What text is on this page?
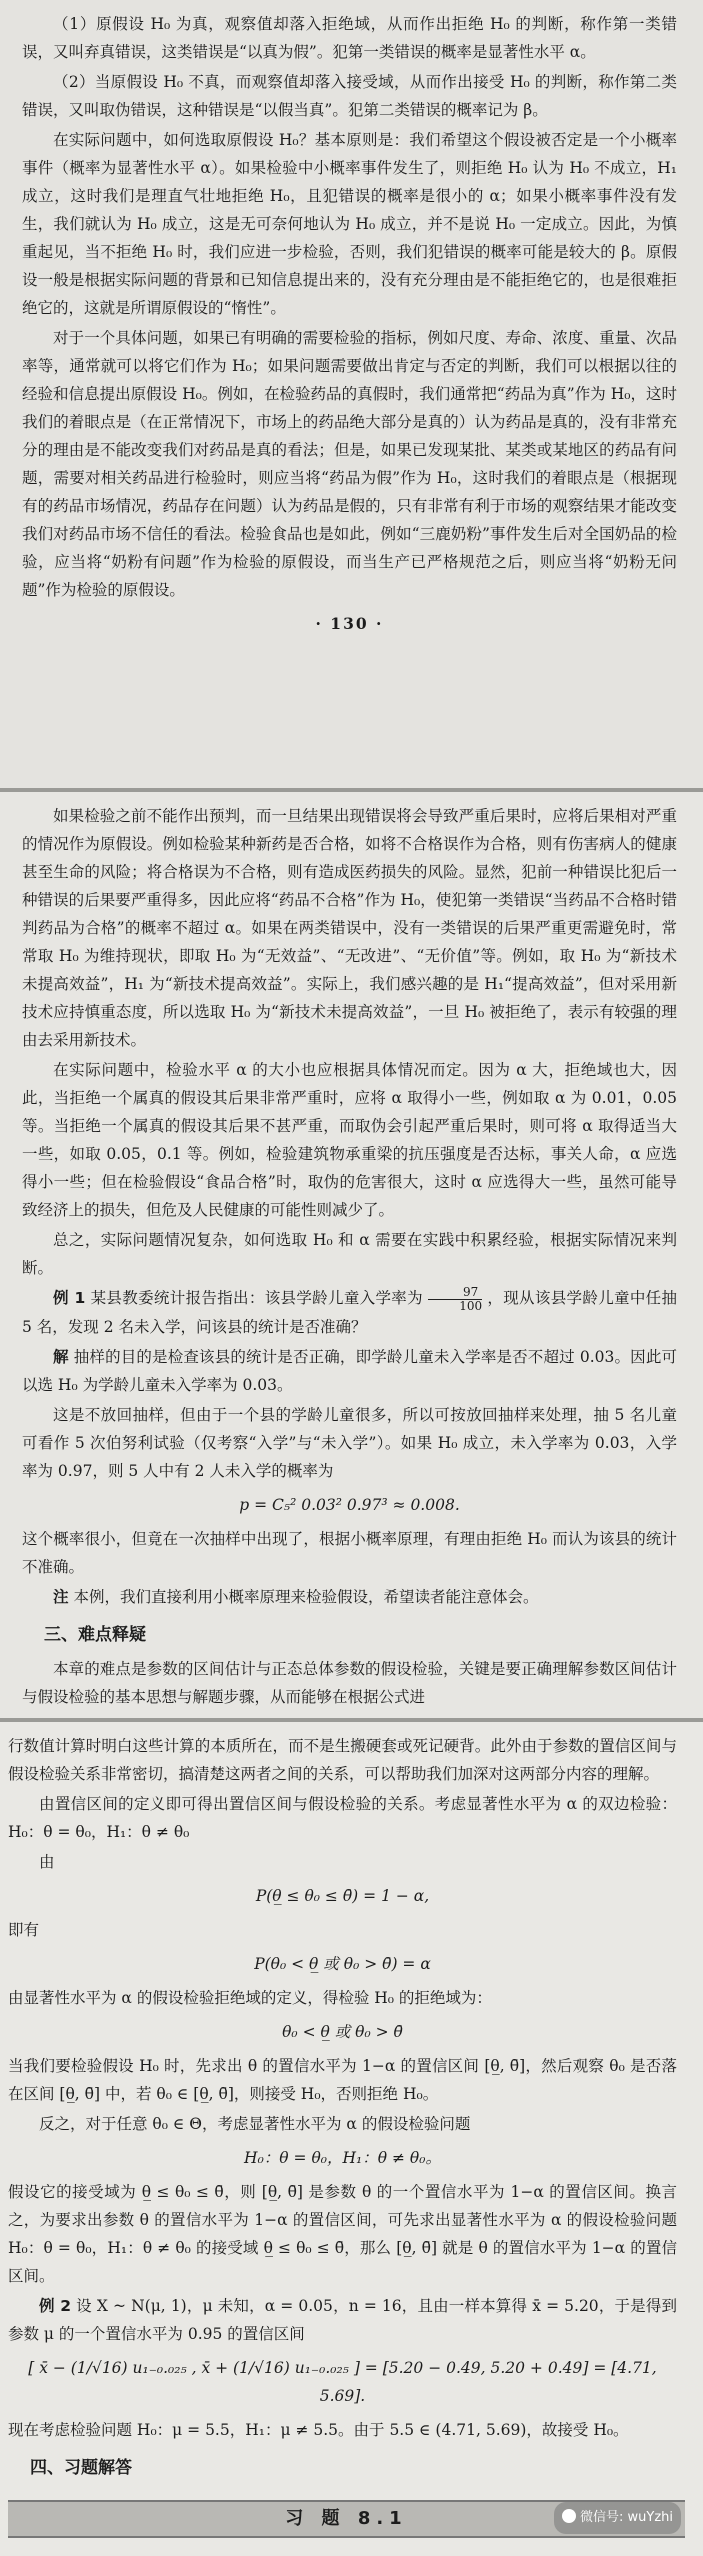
（1）原假设 H₀ 为真，观察值却落入拒绝域，从而作出拒绝 H₀ 的判断，称作第一类错误，又叫弃真错误，这类错误是“以真为假”。犯第一类错误的概率是显著性水平 α。

（2）当原假设 H₀ 不真，而观察值却落入接受域，从而作出接受 H₀ 的判断，称作第二类错误，又叫取伪错误，这种错误是“以假当真”。犯第二类错误的概率记为 β。

在实际问题中，如何选取原假设 H₀？基本原则是：我们希望这个假设被否定是一个小概率事件（概率为显著性水平 α）。如果检验中小概率事件发生了，则拒绝 H₀ 认为 H₀ 不成立，H₁ 成立，这时我们是理直气壮地拒绝 H₀，且犯错误的概率是很小的 α；如果小概率事件没有发生，我们就认为 H₀ 成立，这是无可奈何地认为 H₀ 成立，并不是说 H₀ 一定成立。因此，为慎重起见，当不拒绝 H₀ 时，我们应进一步检验，否则，我们犯错误的概率可能是较大的 β。原假设一般是根据实际问题的背景和已知信息提出来的，没有充分理由是不能拒绝它的，也是很难拒绝它的，这就是所谓原假设的“惰性”。

对于一个具体问题，如果已有明确的需要检验的指标，例如尺度、寿命、浓度、重量、次品率等，通常就可以将它们作为 H₀；如果问题需要做出肯定与否定的判断，我们可以根据以往的经验和信息提出原假设 H₀。例如，在检验药品的真假时，我们通常把“药品为真”作为 H₀，这时我们的着眼点是（在正常情况下，市场上的药品绝大部分是真的）认为药品是真的，没有非常充分的理由是不能改变我们对药品是真的看法；但是，如果已发现某批、某类或某地区的药品有问题，需要对相关药品进行检验时，则应当将“药品为假”作为 H₀，这时我们的着眼点是（根据现有的药品市场情况，药品存在问题）认为药品是假的，只有非常有利于市场的观察结果才能改变我们对药品市场不信任的看法。检验食品也是如此，例如“三鹿奶粉”事件发生后对全国奶品的检验，应当将“奶粉有问题”作为检验的原假设，而当生产已严格规范之后，则应当将“奶粉无问题”作为检验的原假设。

· 130 ·

如果检验之前不能作出预判，而一旦结果出现错误将会导致严重后果时，应将后果相对严重的情况作为原假设。例如检验某种新药是否合格，如将不合格误作为合格，则有伤害病人的健康甚至生命的风险；将合格误为不合格，则有造成医药损失的风险。显然，犯前一种错误比犯后一种错误的后果要严重得多，因此应将“药品不合格”作为 H₀，使犯第一类错误“当药品不合格时错判药品为合格”的概率不超过 α。如果在两类错误中，没有一类错误的后果严重更需避免时，常常取 H₀ 为维持现状，即取 H₀ 为“无效益”、“无改进”、“无价值”等。例如，取 H₀ 为“新技术未提高效益”，H₁ 为“新技术提高效益”。实际上，我们感兴趣的是 H₁“提高效益”，但对采用新技术应持慎重态度，所以选取 H₀ 为“新技术未提高效益”，一旦 H₀ 被拒绝了，表示有较强的理由去采用新技术。

在实际问题中，检验水平 α 的大小也应根据具体情况而定。因为 α 大，拒绝域也大，因此，当拒绝一个属真的假设其后果非常严重时，应将 α 取得小一些，例如取 α 为 0.01，0.05 等。当拒绝一个属真的假设其后果不甚严重，而取伪会引起严重后果时，则可将 α 取得适当大一些，如取 0.05，0.1 等。例如，检验建筑物承重梁的抗压强度是否达标，事关人命，α 应选得小一些；但在检验假设“食品合格”时，取伪的危害很大，这时 α 应选得大一些，虽然可能导致经济上的损失，但危及人民健康的可能性则减少了。

总之，实际问题情况复杂，如何选取 H₀ 和 α 需要在实践中积累经验，根据实际情况来判断。

例 1 某县教委统计报告指出：该县学龄儿童入学率为 $\frac{97}{100}$ ，现从该县学龄儿童中任抽 5 名，发现 2 名未入学，问该县的统计是否准确？

解 抽样的目的是检查该县的统计是否正确，即学龄儿童未入学率是否不超过 0.03。因此可以选 H₀ 为学龄儿童未入学率为 0.03。

这是不放回抽样，但由于一个县的学龄儿童很多，所以可按放回抽样来处理，抽 5 名儿童可看作 5 次伯努利试验（仅考察“入学”与“未入学”）。如果 H₀ 成立，未入学率为 0.03，入学率为 0.97，则 5 人中有 2 人未入学的概率为

p = C₅² 0.03² 0.97³ ≈ 0.008.

这个概率很小，但竟在一次抽样中出现了，根据小概率原理，有理由拒绝 H₀ 而认为该县的统计不准确。

注 本例，我们直接利用小概率原理来检验假设，希望读者能注意体会。

三、难点释疑

本章的难点是参数的区间估计与正态总体参数的假设检验，关键是要正确理解参数区间估计与假设检验的基本思想与解题步骤，从而能够在根据公式进

行数值计算时明白这些计算的本质所在，而不是生搬硬套或死记硬背。此外由于参数的置信区间与假设检验关系非常密切，搞清楚这两者之间的关系，可以帮助我们加深对这两部分内容的理解。

由置信区间的定义即可得出置信区间与假设检验的关系。考虑显著性水平为 α 的双边检验：H₀：θ = θ₀，H₁：θ ≠ θ₀

由

P(θ̲ ≤ θ₀ ≤ θ̄) = 1 − α,

即有

P(θ₀ < θ̲ 或 θ₀ > θ̄) = α

由显著性水平为 α 的假设检验拒绝域的定义，得检验 H₀ 的拒绝域为：

θ₀ < θ̲ 或 θ₀ > θ̄

当我们要检验假设 H₀ 时，先求出 θ 的置信水平为 1−α 的置信区间 [θ̲, θ̄]，然后观察 θ₀ 是否落在区间 [θ̲, θ̄] 中，若 θ₀ ∈ [θ̲, θ̄]，则接受 H₀，否则拒绝 H₀。

反之，对于任意 θ₀ ∈ Θ，考虑显著性水平为 α 的假设检验问题

H₀：θ = θ₀，H₁：θ ≠ θ₀。

假设它的接受域为 θ̲ ≤ θ₀ ≤ θ̄，则 [θ̲, θ̄] 是参数 θ 的一个置信水平为 1−α 的置信区间。换言之，为要求出参数 θ 的置信水平为 1−α 的置信区间，可先求出显著性水平为 α 的假设检验问题 H₀：θ = θ₀，H₁：θ ≠ θ₀ 的接受域 θ̲ ≤ θ₀ ≤ θ̄，那么 [θ̲, θ̄] 就是 θ 的置信水平为 1−α 的置信区间。

例 2 设 X ~ N(μ, 1)，μ 未知，α = 0.05，n = 16，且由一样本算得 x̄ = 5.20，于是得到参数 μ 的一个置信水平为 0.95 的置信区间

[ x̄ − (1/√16) u₁₋₀.₀₂₅ , x̄ + (1/√16) u₁₋₀.₀₂₅ ] = [5.20 − 0.49, 5.20 + 0.49] = [4.71, 5.69].

现在考虑检验问题 H₀：μ = 5.5，H₁：μ ≠ 5.5。由于 5.5 ∈ (4.71, 5.69)，故接受 H₀。

四、习题解答
习 题 8.1	微信号: wuYzhi
